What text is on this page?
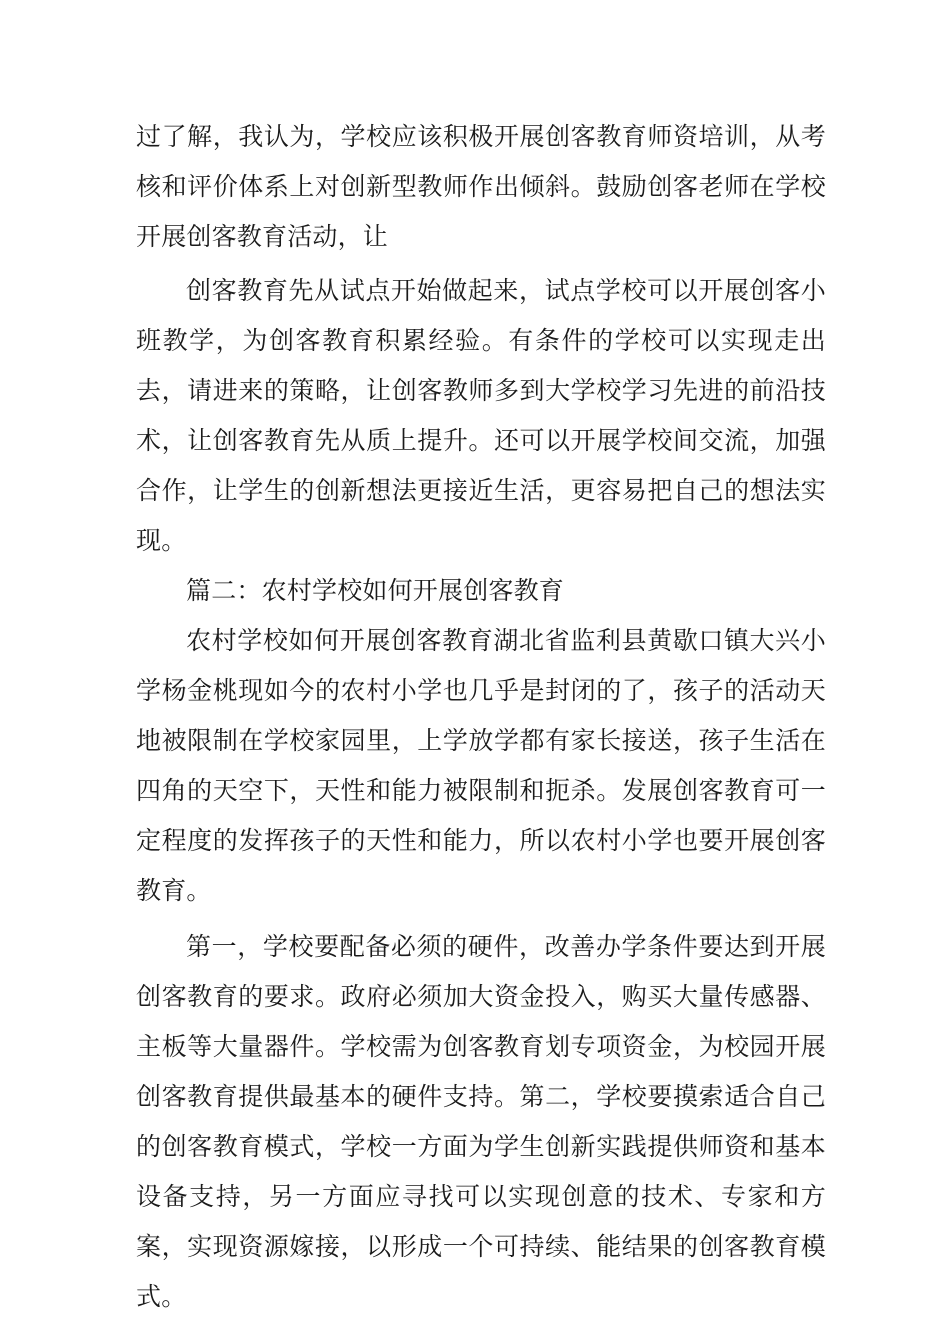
过了解，我认为，学校应该积极开展创客教育师资培训，从考核和评价体系上对创新型教师作出倾斜。鼓励创客老师在学校开展创客教育活动，让

创客教育先从试点开始做起来，试点学校可以开展创客小班教学，为创客教育积累经验。有条件的学校可以实现走出去，请进来的策略，让创客教师多到大学校学习先进的前沿技术，让创客教育先从质上提升。还可以开展学校间交流，加强合作，让学生的创新想法更接近生活，更容易把自己的想法实现。

篇二：农村学校如何开展创客教育

农村学校如何开展创客教育湖北省监利县黄歇口镇大兴小学杨金桃现如今的农村小学也几乎是封闭的了，孩子的活动天地被限制在学校家园里，上学放学都有家长接送，孩子生活在四角的天空下，天性和能力被限制和扼杀。发展创客教育可一定程度的发挥孩子的天性和能力，所以农村小学也要开展创客教育。

第一，学校要配备必须的硬件，改善办学条件要达到开展创客教育的要求。政府必须加大资金投入，购买大量传感器、主板等大量器件。学校需为创客教育划专项资金，为校园开展创客教育提供最基本的硬件支持。第二，学校要摸索适合自己的创客教育模式，学校一方面为学生创新实践提供师资和基本设备支持，另一方面应寻找可以实现创意的技术、专家和方案，实现资源嫁接，以形成一个可持续、能结果的创客教育模式。
